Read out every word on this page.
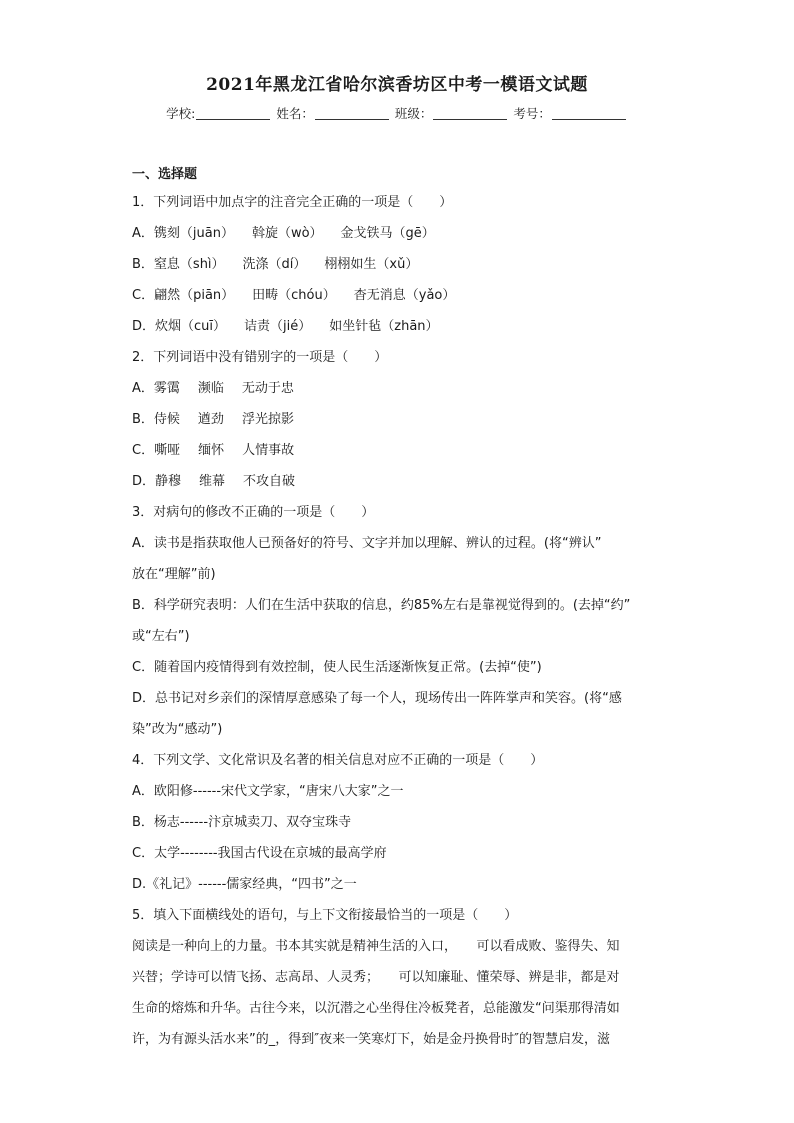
2021年黑龙江省哈尔滨香坊区中考一模语文试题
学校:	姓名：	班级：	考号：
一、选择题
1．下列词语中加点字的注音完全正确的一项是（　　）
A．镌刻（juān） 斡旋（wò） 金戈铁马（gē）
B．窒息（shì） 洗涤（dí） 栩栩如生（xǔ）
C．翩然（piān） 田畴（chóu） 杳无消息（yǎo）
D．炊烟（cuī） 诘责（jié） 如坐针毡（zhān）
2．下列词语中没有错别字的一项是（　　）
A．雾霭 濒临 无动于忠
B．侍候 遒劲 浮光掠影
C．嘶哑 缅怀 人情事故
D．静穆 维幕 不攻自破
3．对病句的修改不正确的一项是（　　）
A．读书是指获取他人已预备好的符号、文字并加以理解、辨认的过程。(将“辨认”
放在“理解”前)
B．科学研究表明：人们在生活中获取的信息，约85%左右是靠视觉得到的。(去掉“约”
或“左右”)
C．随着国内疫情得到有效控制，使人民生活逐渐恢复正常。(去掉“使”)
D．总书记对乡亲们的深情厚意感染了每一个人，现场传出一阵阵掌声和笑容。(将“感
染”改为“感动”)
4．下列文学、文化常识及名著的相关信息对应不正确的一项是（　　）
A．欧阳修------宋代文学家，“唐宋八大家”之一
B．杨志------汴京城卖刀、双夺宝珠寺
C．太学--------我国古代设在京城的最高学府
D.《礼记》------儒家经典，“四书”之一
5．填入下面横线处的语句，与上下文衔接最恰当的一项是（　　）
阅读是一种向上的力量。书本其实就是精神生活的入口，　　可以看成败、鉴得失、知
兴替；学诗可以情飞扬、志高昂、人灵秀；　　可以知廉耻、懂荣辱、辨是非，都是对
生命的熔炼和升华。古往今来，以沉潜之心坐得住冷板凳者，总能激发“问渠那得清如
许，为有源头活水来”的_，得到″夜来一笑寒灯下，始是金丹换骨时″的智慧启发，滋
